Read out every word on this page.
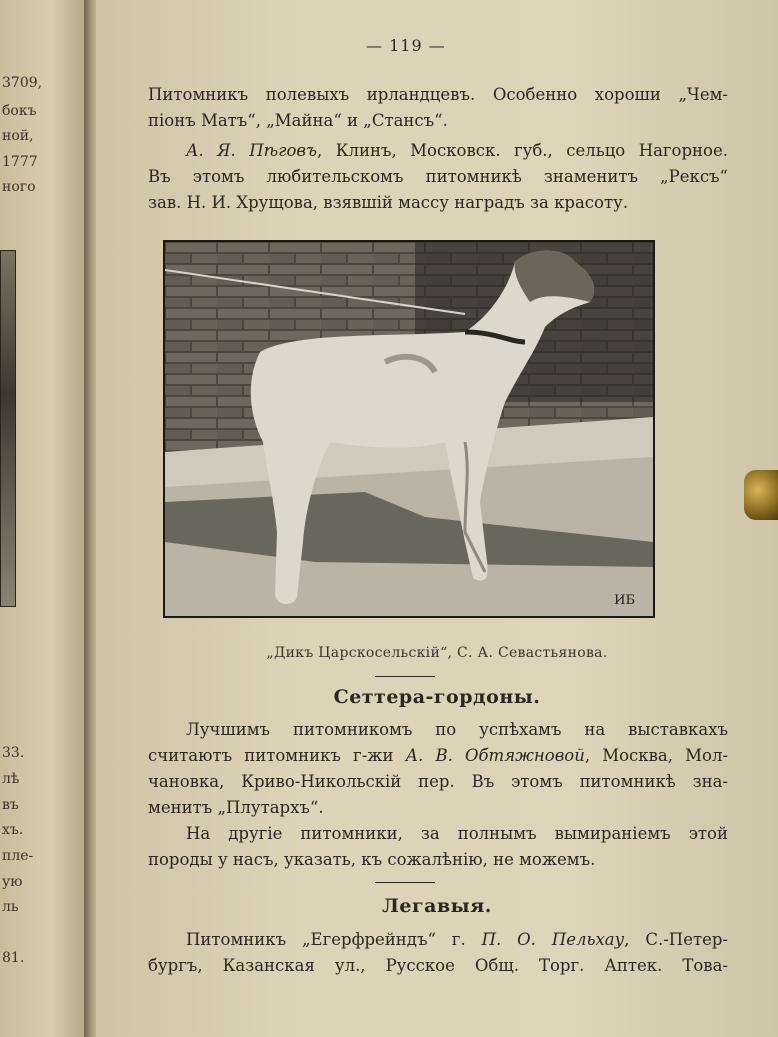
3709,
бокъ
ной,
1777
ного
33.
лѣ
въ
хъ.
пле-
ую
ль
81.
— 119 —
Питомникъ полевыхъ ирландцевъ. Особенно хороши „Чем-
піонъ Матъ“, „Майна“ и „Стансъ“.
А. Я. Пѣговъ, Клинъ, Московск. губ., сельцо Нагорное.
Въ этомъ любительскомъ питомникѣ знаменитъ „Рексъ“
зав. Н. И. Хрущова, взявшій массу наградъ за красоту.
ИБ
„Дикъ Царскосельскій“, С. А. Севастьянова.
Сеттера-гордоны.
Лучшимъ питомникомъ по успѣхамъ на выставкахъ
считаютъ питомникъ г-жи А. В. Обтяжновой, Москва, Мол-
чановка, Криво-Никольскій пер. Въ этомъ питомникѣ зна-
менитъ „Плутархъ“.
На другіе питомники, за полнымъ вымираніемъ этой
породы у насъ, указать, къ сожалѣнію, не можемъ.
Легавыя.
Питомникъ „Егерфрейндъ“ г. П. О. Пельхау, С.-Петер-
бургъ, Казанская ул., Русское Общ. Торг. Аптек. Това-
